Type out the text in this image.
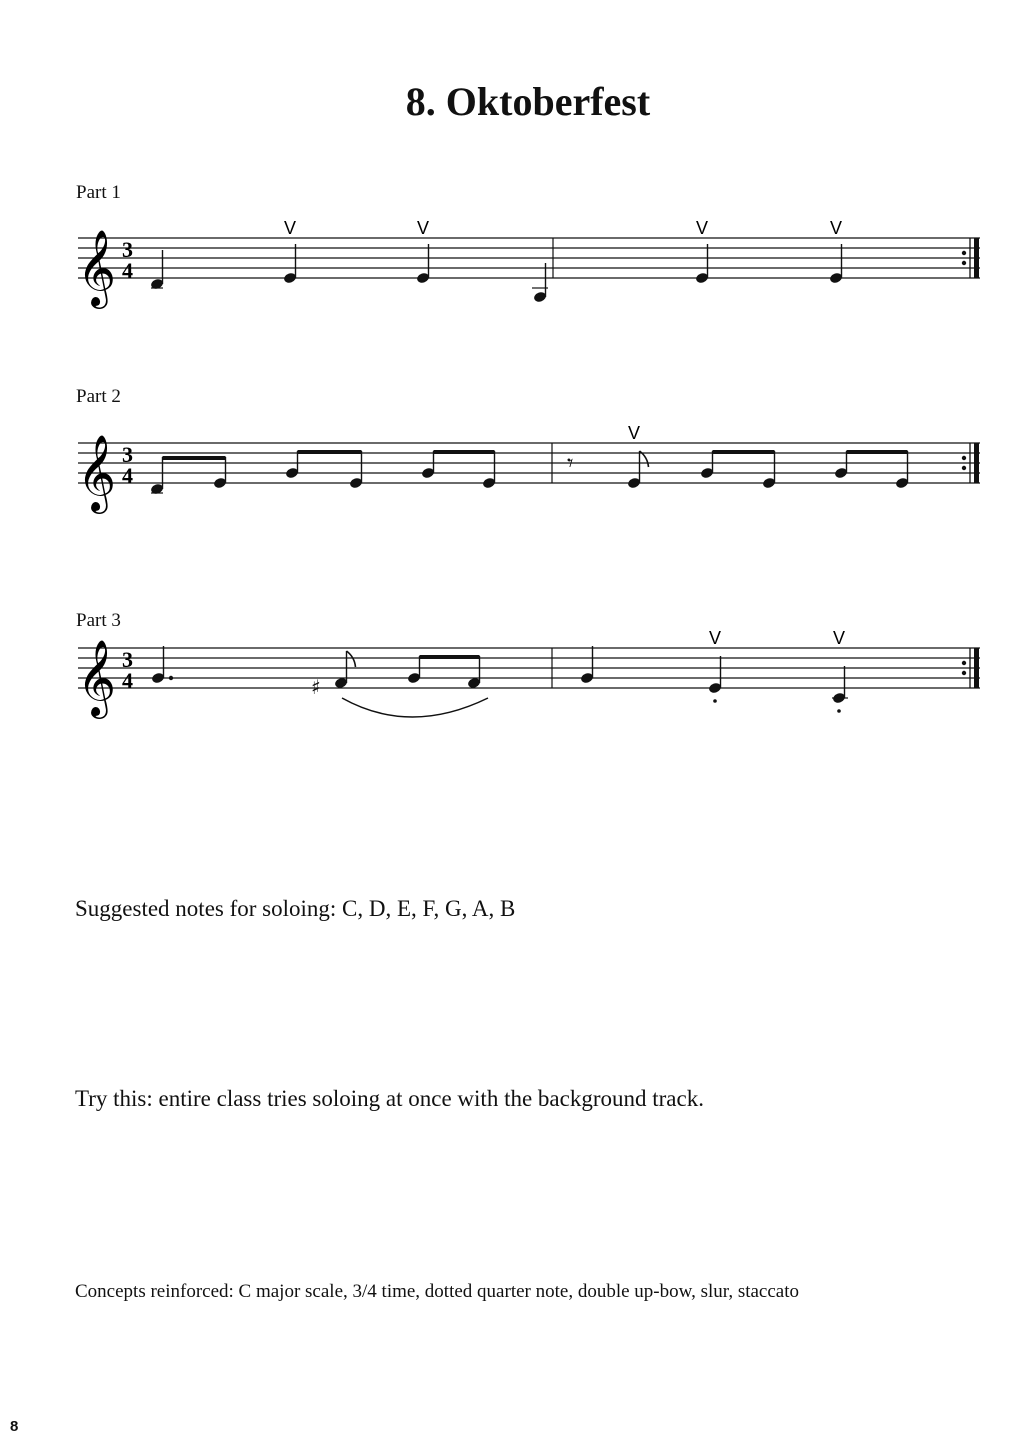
8. Oktoberfest
Part 1
𝄞 3
4
V	V	V	V
Part 2
𝄞 3
4	𝄾
V
Part 3
𝄞 3
4	♯
V	V
Suggested notes for soloing: C, D, E, F, G, A, B
Try this: entire class tries soloing at once with the background track.
Concepts reinforced: C major scale, 3/4 time, dotted quarter note, double up-bow, slur, staccato
8
